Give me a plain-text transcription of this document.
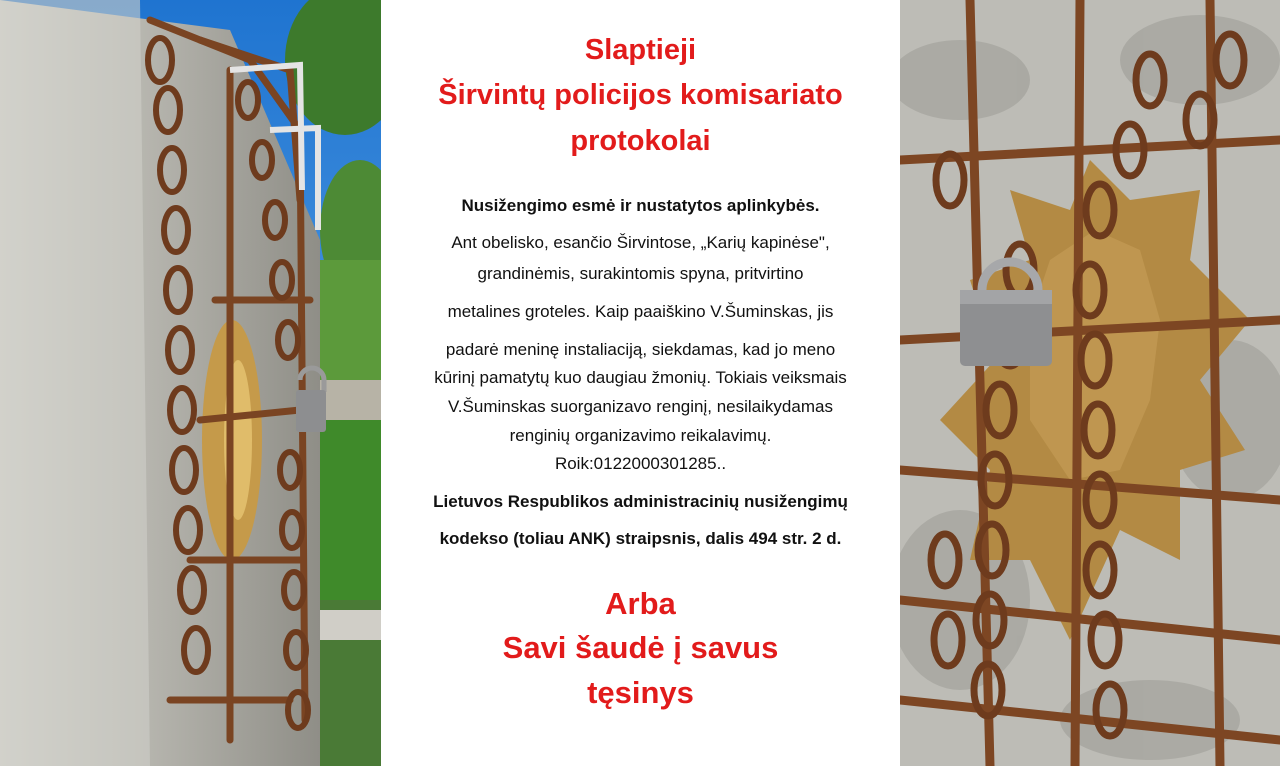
Slaptieji
Širvintų policijos komisariato
protokolai
Nusižengimo esmė ir nustatytos aplinkybės.
Ant obelisko, esančio Širvintose, „Karių kapinėse",
grandinėmis, surakintomis spyna, pritvirtino
metalines groteles. Kaip paaiškino V.Šuminskas, jis
padarė meninę instaliaciją, siekdamas, kad jo meno
kūrinį pamatytų kuo daugiau žmonių. Tokiais veiksmais
V.Šuminskas suorganizavo renginį, nesilaikydamas
renginių organizavimo reikalavimų.
Roik:0122000301285..
Lietuvos Respublikos administracinių nusižengimų
kodekso (toliau ANK) straipsnis, dalis 494 str. 2 d.
Arba
Savi šaudė į savus
tęsinys
